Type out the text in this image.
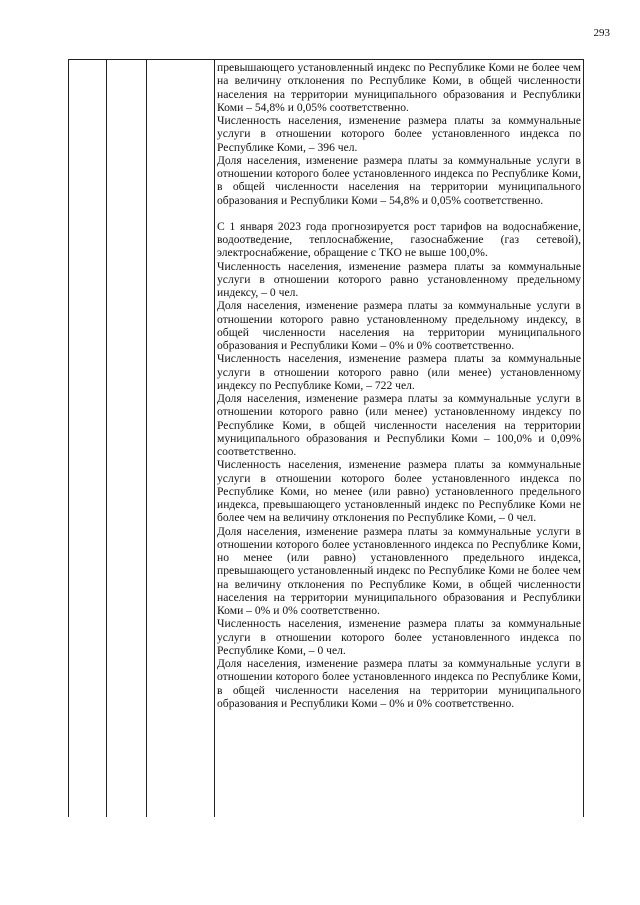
293

превышающего установленный индекс по Республике Коми не более чем на величину отклонения по Республике Коми, в общей численности населения на территории муниципального образования и Республики Коми – 54,8% и 0,05% соответственно.

Численность населения, изменение размера платы за коммунальные услуги в отношении которого более установленного индекса по Республике Коми, – 396 чел.

Доля населения, изменение размера платы за коммунальные услуги в отношении которого более установленного индекса по Республике Коми, в общей численности населения на территории муниципального образования и Республики Коми – 54,8% и 0,05% соответственно.

С 1 января 2023 года прогнозируется рост тарифов на водоснабжение, водоотведение, теплоснабжение, газоснабжение (газ сетевой), электроснабжение, обращение с ТКО не выше 100,0%.

Численность населения, изменение размера платы за коммунальные услуги в отношении которого равно установленному предельному индексу, – 0 чел.

Доля населения, изменение размера платы за коммунальные услуги в отношении которого равно установленному предельному индексу, в общей численности населения на территории муниципального образования и Республики Коми – 0% и 0% соответственно.

Численность населения, изменение размера платы за коммунальные услуги в отношении которого равно (или менее) установленному индексу по Республике Коми, – 722 чел.

Доля населения, изменение размера платы за коммунальные услуги в отношении которого равно (или менее) установленному индексу по Республике Коми, в общей численности населения на территории муниципального образования и Республики Коми – 100,0% и 0,09% соответственно.

Численность населения, изменение размера платы за коммунальные услуги в отношении которого более установленного индекса по Республике Коми, но менее (или равно) установленного предельного индекса, превышающего установленный индекс по Республике Коми не более чем на величину отклонения по Республике Коми, – 0 чел.

Доля населения, изменение размера платы за коммунальные услуги в отношении которого более установленного индекса по Республике Коми, но менее (или равно) установленного предельного индекса, превышающего установленный индекс по Республике Коми не более чем на величину отклонения по Республике Коми, в общей численности населения на территории муниципального образования и Республики Коми – 0% и 0% соответственно.

Численность населения, изменение размера платы за коммунальные услуги в отношении которого более установленного индекса по Республике Коми, – 0 чел.

Доля населения, изменение размера платы за коммунальные услуги в отношении которого более установленного индекса по Республике Коми, в общей численности населения на территории муниципального образования и Республики Коми – 0% и 0% соответственно.
